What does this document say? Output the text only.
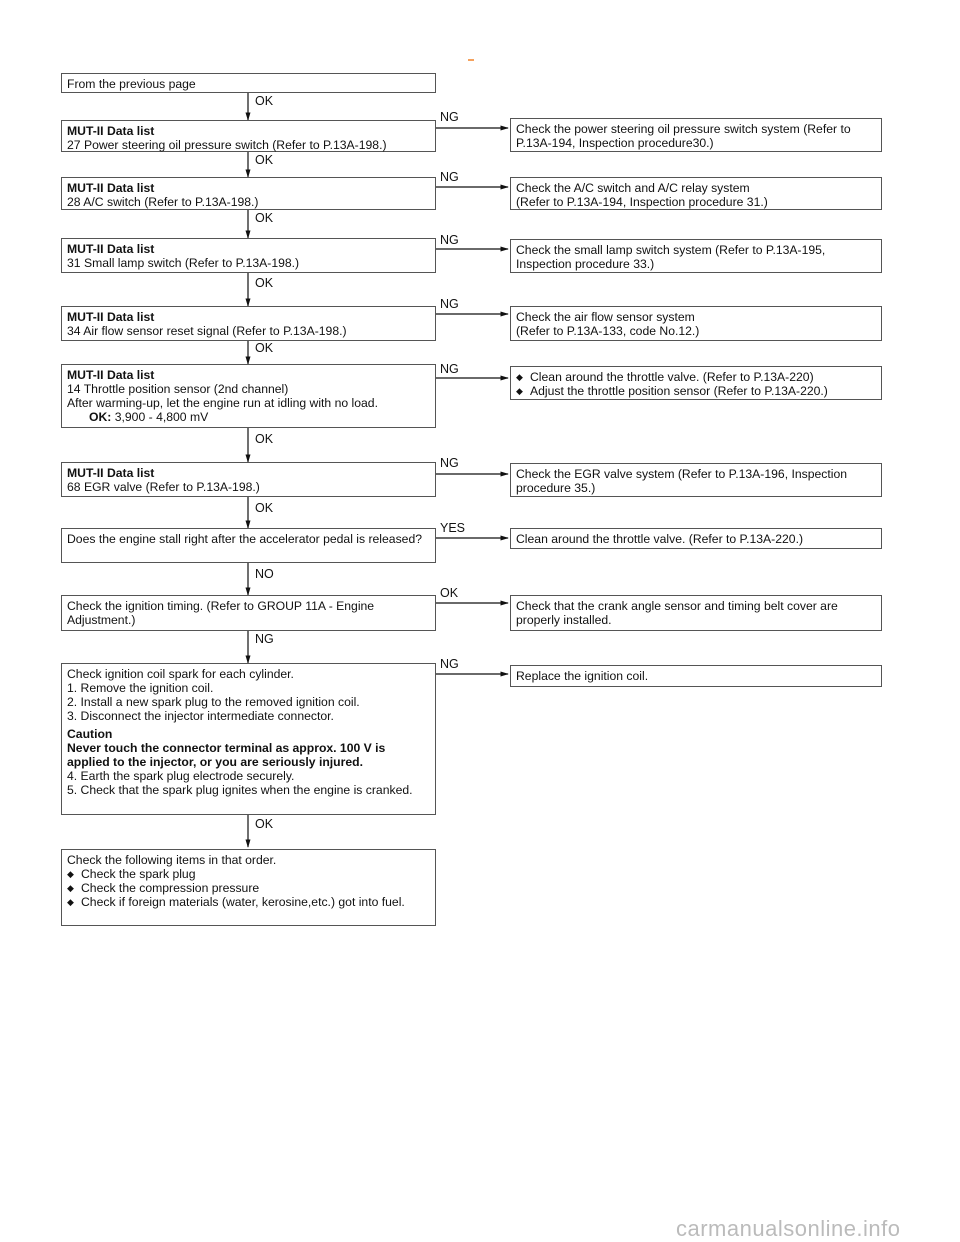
OK
OK
OK
OK
OK
OK
OK
NO
NG
OK
NG
NG
NG
NG
NG
NG
YES
OK
NG
From the previous page
MUT-II Data list
27 Power steering oil pressure switch (Refer to P.13A-198.)
MUT-II Data list
28 A/C switch (Refer to P.13A-198.)
MUT-II Data list
31 Small lamp switch (Refer to P.13A-198.)
MUT-II Data list
34 Air flow sensor reset signal (Refer to P.13A-198.)
MUT-II Data list
14 Throttle position sensor (2nd channel)
After warming-up, let the engine run at idling with no load.
OK: 3,900 - 4,800 mV
MUT-II Data list
68 EGR valve (Refer to P.13A-198.)
Does the engine stall right after the accelerator pedal is released?
Check the ignition timing. (Refer to GROUP 11A - Engine Adjustment.)
Check ignition coil spark for each cylinder.
1. Remove the ignition coil.
2. Install a new spark plug to the removed ignition coil.
3. Disconnect the injector intermediate connector.
Caution
Never touch the connector terminal as approx. 100 V is applied to the injector, or you are seriously injured.
4. Earth the spark plug electrode securely.
5. Check that the spark plug ignites when the engine is cranked.
Check the following items in that order.
◆ Check the spark plug
◆ Check the compression pressure
◆ Check if foreign materials (water, kerosine,etc.) got into fuel.
Check the power steering oil pressure switch system (Refer to P.13A-194, Inspection procedure30.)
Check the A/C switch and A/C relay system
(Refer to P.13A-194, Inspection procedure 31.)
Check the small lamp switch system (Refer to P.13A-195,
Inspection procedure 33.)
Check the air flow sensor system
(Refer to P.13A-133, code No.12.)
◆ Clean around the throttle valve. (Refer to P.13A-220)
◆ Adjust the throttle position sensor (Refer to P.13A-220.)
Check the EGR valve system (Refer to P.13A-196, Inspection procedure 35.)
Clean around the throttle valve. (Refer to P.13A-220.)
Check that the crank angle sensor and timing belt cover are properly installed.
Replace the ignition coil.
carmanualsonline.info
